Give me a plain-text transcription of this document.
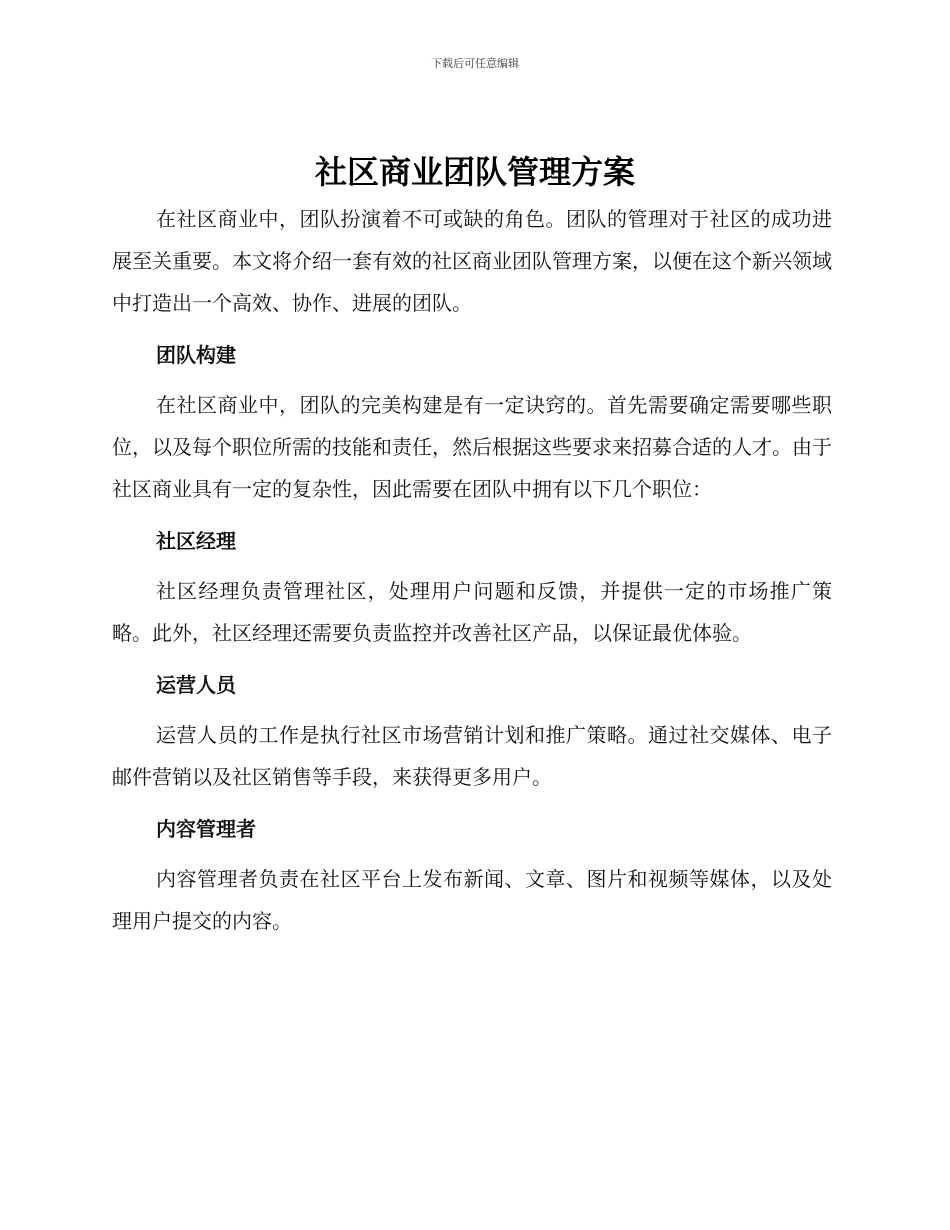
下载后可任意编辑
社区商业团队管理方案

在社区商业中，团队扮演着不可或缺的角色。团队的管理对于社区的成功进展至关重要。本文将介绍一套有效的社区商业团队管理方案，以便在这个新兴领域中打造出一个高效、协作、进展的团队。

团队构建

在社区商业中，团队的完美构建是有一定诀窍的。首先需要确定需要哪些职位，以及每个职位所需的技能和责任，然后根据这些要求来招募合适的人才。由于社区商业具有一定的复杂性，因此需要在团队中拥有以下几个职位：

社区经理

社区经理负责管理社区，处理用户问题和反馈，并提供一定的市场推广策略。此外，社区经理还需要负责监控并改善社区产品，以保证最优体验。

运营人员

运营人员的工作是执行社区市场营销计划和推广策略。通过社交媒体、电子邮件营销以及社区销售等手段，来获得更多用户。

内容管理者

内容管理者负责在社区平台上发布新闻、文章、图片和视频等媒体，以及处理用户提交的内容。
